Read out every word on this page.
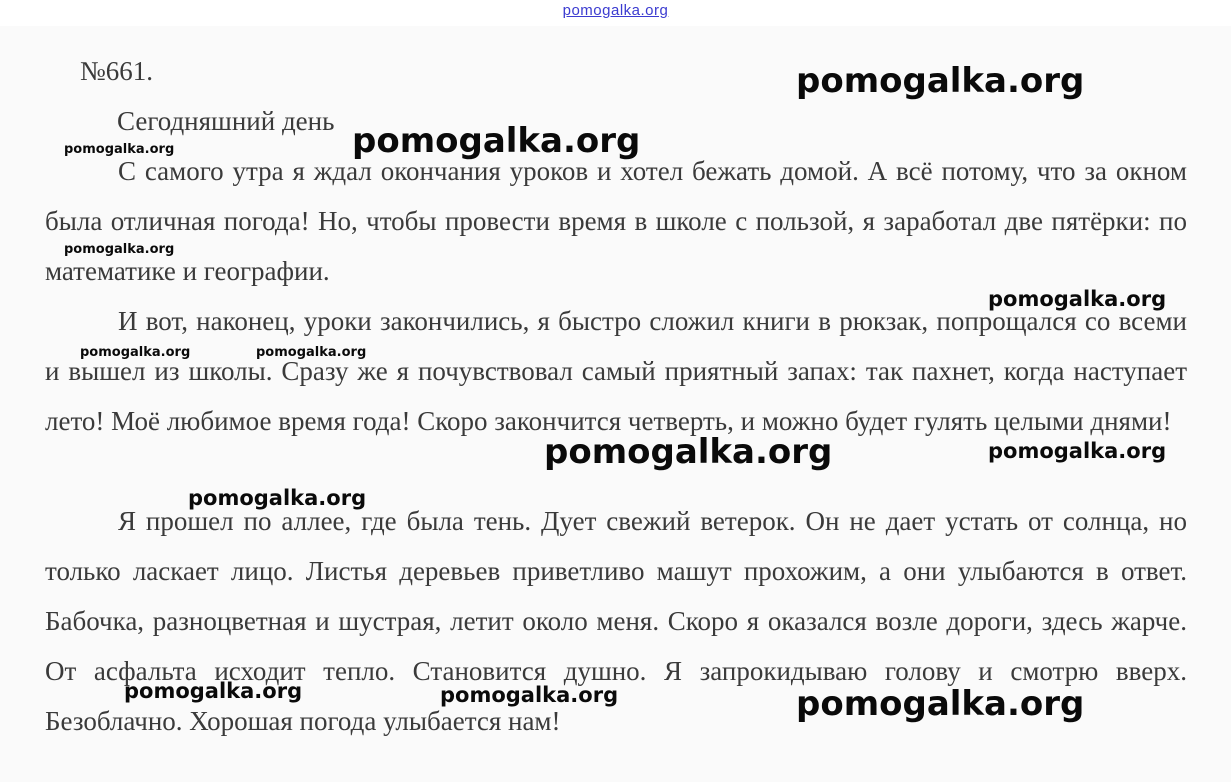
pomogalka.org
№661.
Сегодняшний день

С самого утра я ждал окончания уроков и хотел бежать домой. А всё потому, что за окном была отличная погода! Но, чтобы провести время в школе с пользой, я заработал две пятёрки: по математике и географии.

И вот, наконец, уроки закончились, я быстро сложил книги в рюкзак, попрощался со всеми и вышел из школы. Сразу же я почувствовал самый приятный запах: так пахнет, когда наступает лето! Моё любимое время года! Скоро закончится четверть, и можно будет гулять целыми днями!

Я прошел по аллее, где была тень. Дует свежий ветерок. Он не дает устать от солнца, но только ласкает лицо. Листья деревьев приветливо машут прохожим, а они улыбаются в ответ. Бабочка, разноцветная и шустрая, летит около меня. Скоро я оказался возле дороги, здесь жарче. От асфальта исходит тепло. Становится душно. Я запрокидываю голову и смотрю вверх. Безоблачно. Хорошая погода улыбается нам!

pomogalka.org
pomogalka.org
pomogalka.org
pomogalka.org
pomogalka.org
pomogalka.org	pomogalka.org
pomogalka.org	pomogalka.org
pomogalka.org
pomogalka.org	pomogalka.org	pomogalka.org
